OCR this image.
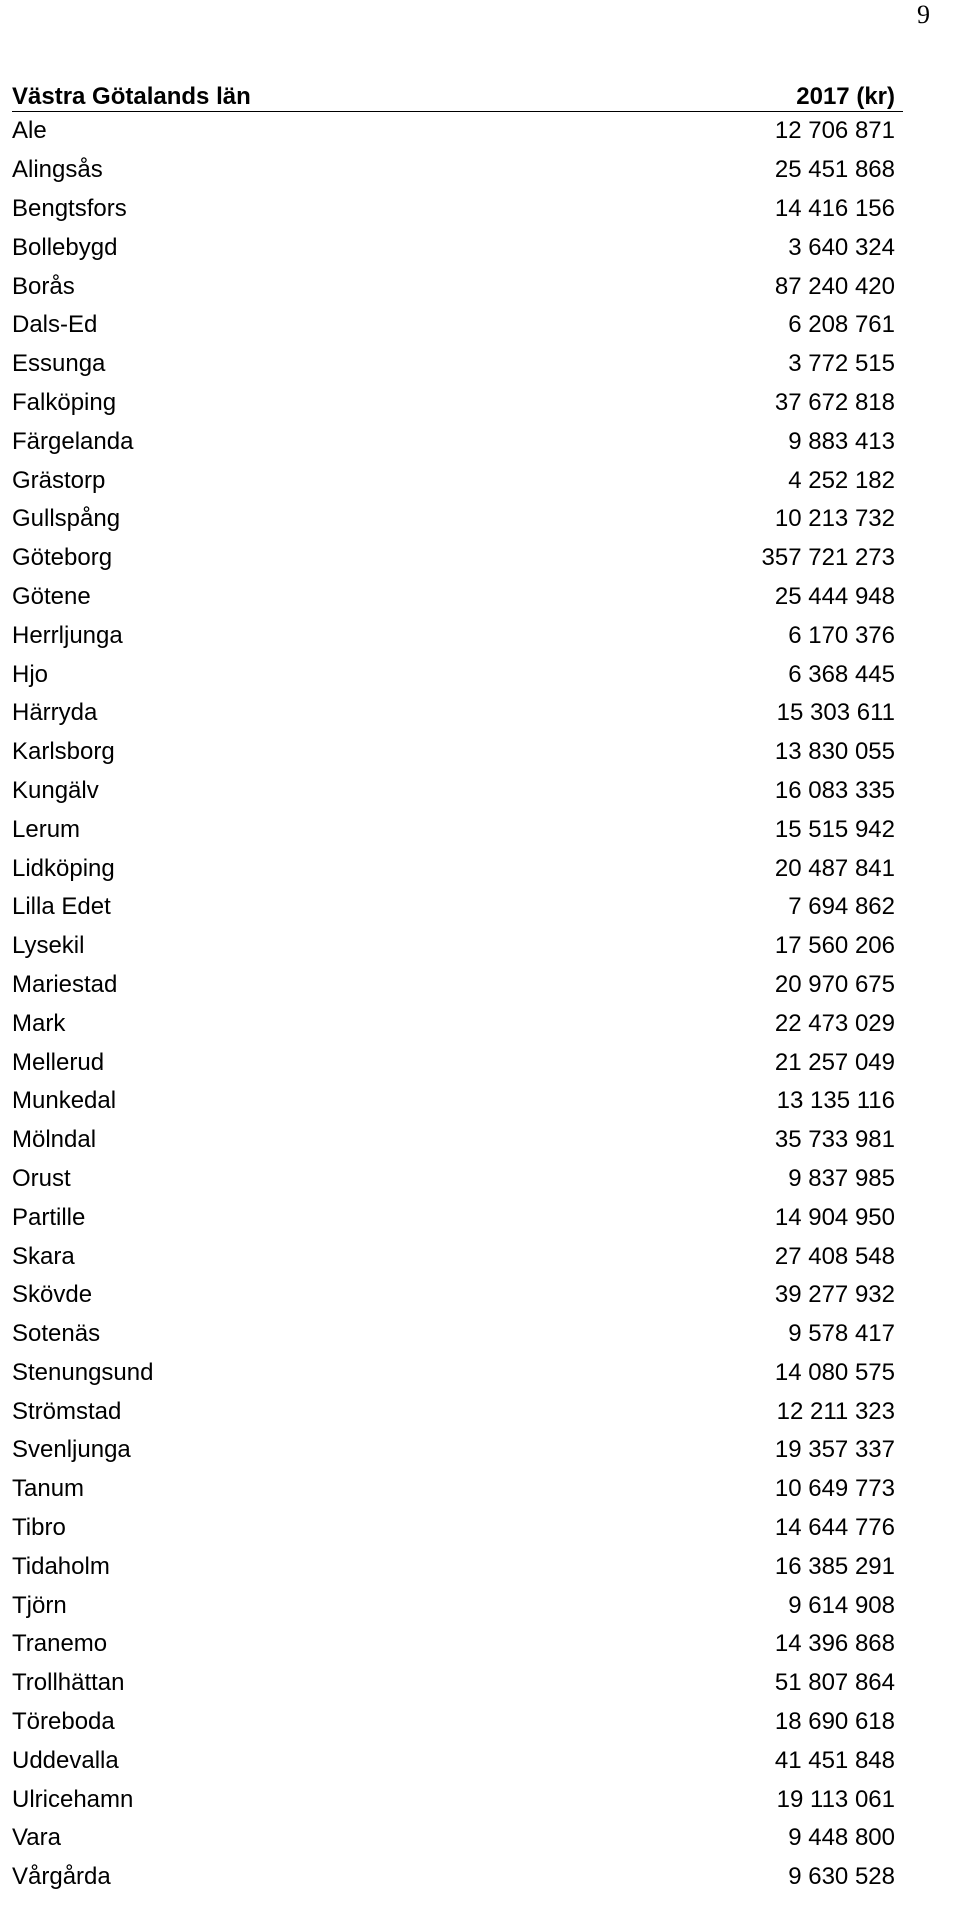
9
Västra Götalands län	2017 (kr)
Ale	12 706 871
Alingsås	25 451 868
Bengtsfors	14 416 156
Bollebygd	3 640 324
Borås	87 240 420
Dals-Ed	6 208 761
Essunga	3 772 515
Falköping	37 672 818
Färgelanda	9 883 413
Grästorp	4 252 182
Gullspång	10 213 732
Göteborg	357 721 273
Götene	25 444 948
Herrljunga	6 170 376
Hjo	6 368 445
Härryda	15 303 611
Karlsborg	13 830 055
Kungälv	16 083 335
Lerum	15 515 942
Lidköping	20 487 841
Lilla Edet	7 694 862
Lysekil	17 560 206
Mariestad	20 970 675
Mark	22 473 029
Mellerud	21 257 049
Munkedal	13 135 116
Mölndal	35 733 981
Orust	9 837 985
Partille	14 904 950
Skara	27 408 548
Skövde	39 277 932
Sotenäs	9 578 417
Stenungsund	14 080 575
Strömstad	12 211 323
Svenljunga	19 357 337
Tanum	10 649 773
Tibro	14 644 776
Tidaholm	16 385 291
Tjörn	9 614 908
Tranemo	14 396 868
Trollhättan	51 807 864
Töreboda	18 690 618
Uddevalla	41 451 848
Ulricehamn	19 113 061
Vara	9 448 800
Vårgårda	9 630 528
